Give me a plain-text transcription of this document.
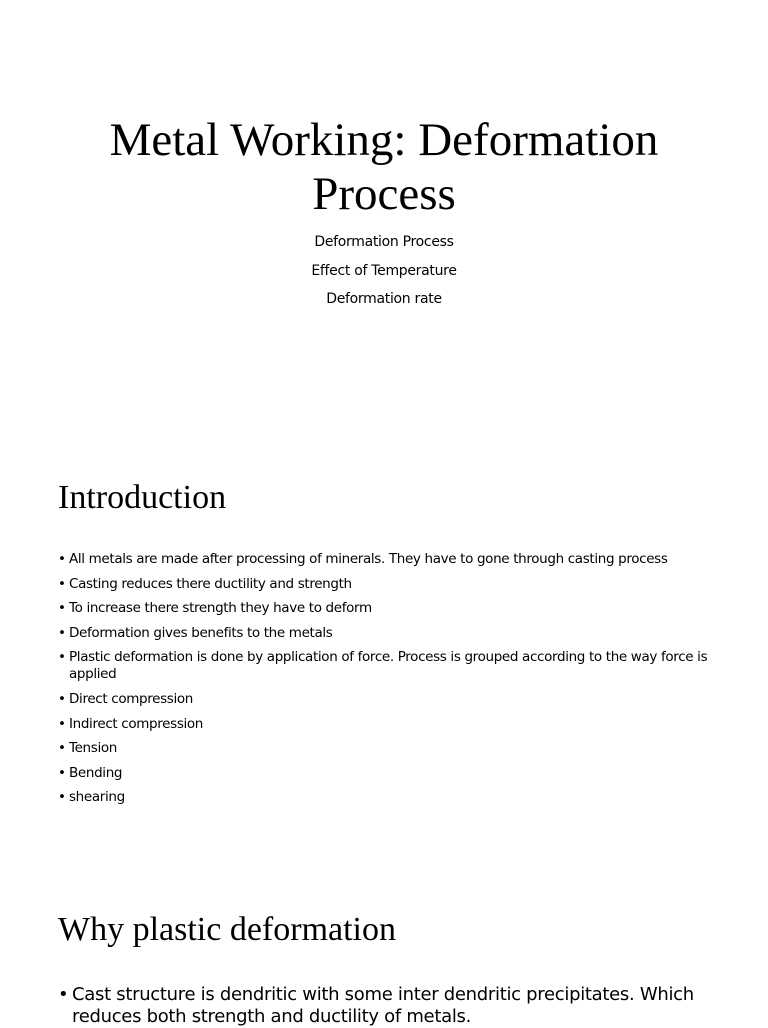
Metal Working: Deformation
Process
Deformation Process
Effect of Temperature
Deformation rate
Introduction
• All metals are made after processing of minerals. They have to gone through casting process
• Casting reduces there ductility and strength
• To increase there strength they have to deform
• Deformation gives benefits to the metals
• Plastic deformation is done by application of force. Process is grouped according to the way force is applied
• Direct compression
• Indirect compression
• Tension
• Bending
• shearing
Why plastic deformation
• Cast structure is dendritic with some inter dendritic precipitates. Which reduces both strength and ductility of metals.
